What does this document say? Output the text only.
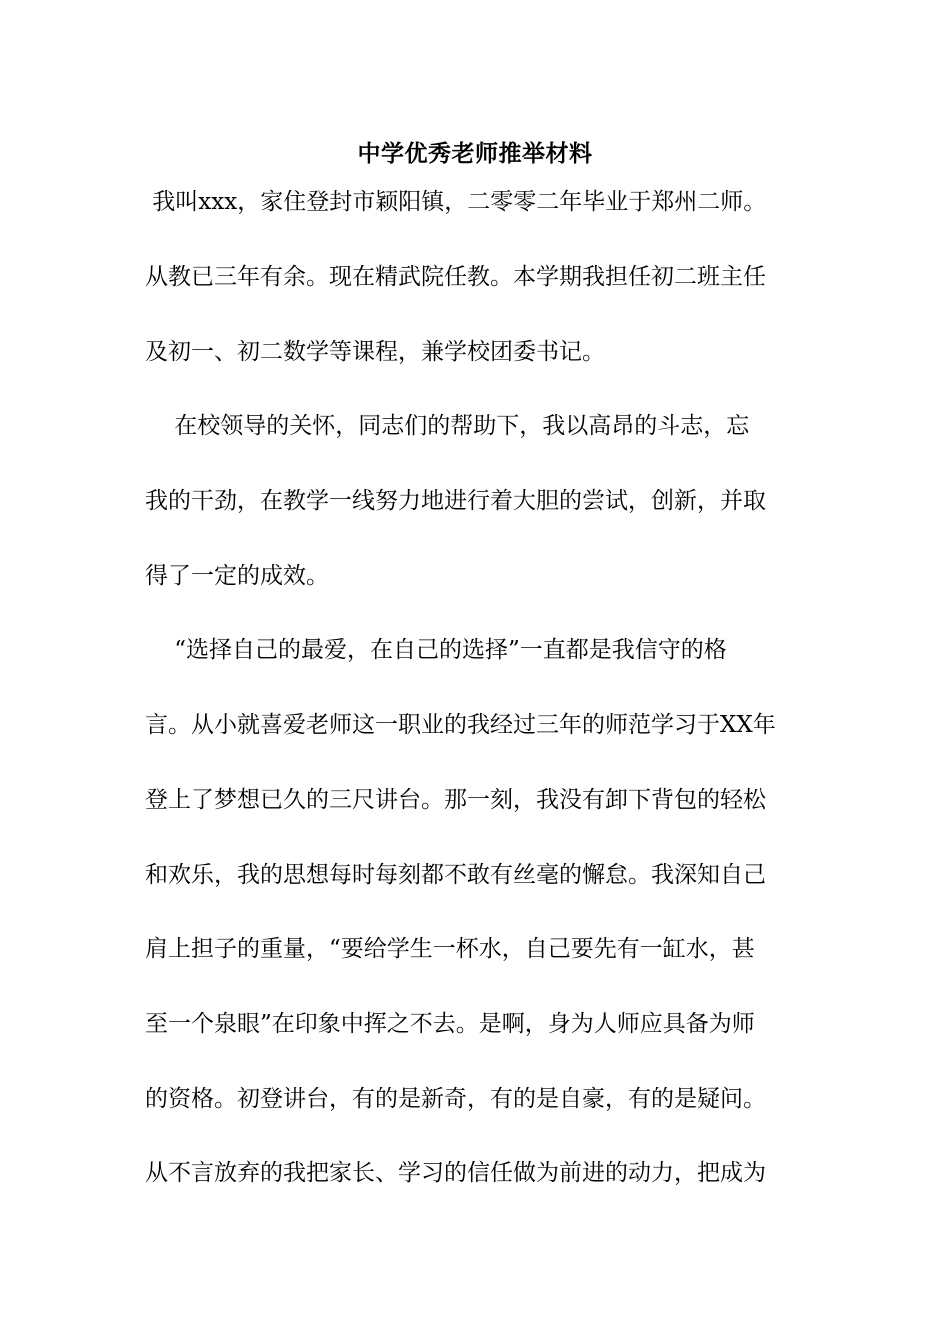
中学优秀老师推举材料
我叫xxx，家住登封市颖阳镇，二零零二年毕业于郑州二师。
从教已三年有余。现在精武院任教。本学期我担任初二班主任
及初一、初二数学等课程，兼学校团委书记。
在校领导的关怀，同志们的帮助下，我以高昂的斗志，忘
我的干劲，在教学一线努力地进行着大胆的尝试，创新，并取
得了一定的成效。
“选择自己的最爱，在自己的选择”一直都是我信守的格
言。从小就喜爱老师这一职业的我经过三年的师范学习于XX年
登上了梦想已久的三尺讲台。那一刻，我没有卸下背包的轻松
和欢乐，我的思想每时每刻都不敢有丝毫的懈怠。我深知自己
肩上担子的重量，“要给学生一杯水，自己要先有一缸水，甚
至一个泉眼”在印象中挥之不去。是啊，身为人师应具备为师
的资格。初登讲台，有的是新奇，有的是自豪，有的是疑问。
从不言放弃的我把家长、学习的信任做为前进的动力，把成为
